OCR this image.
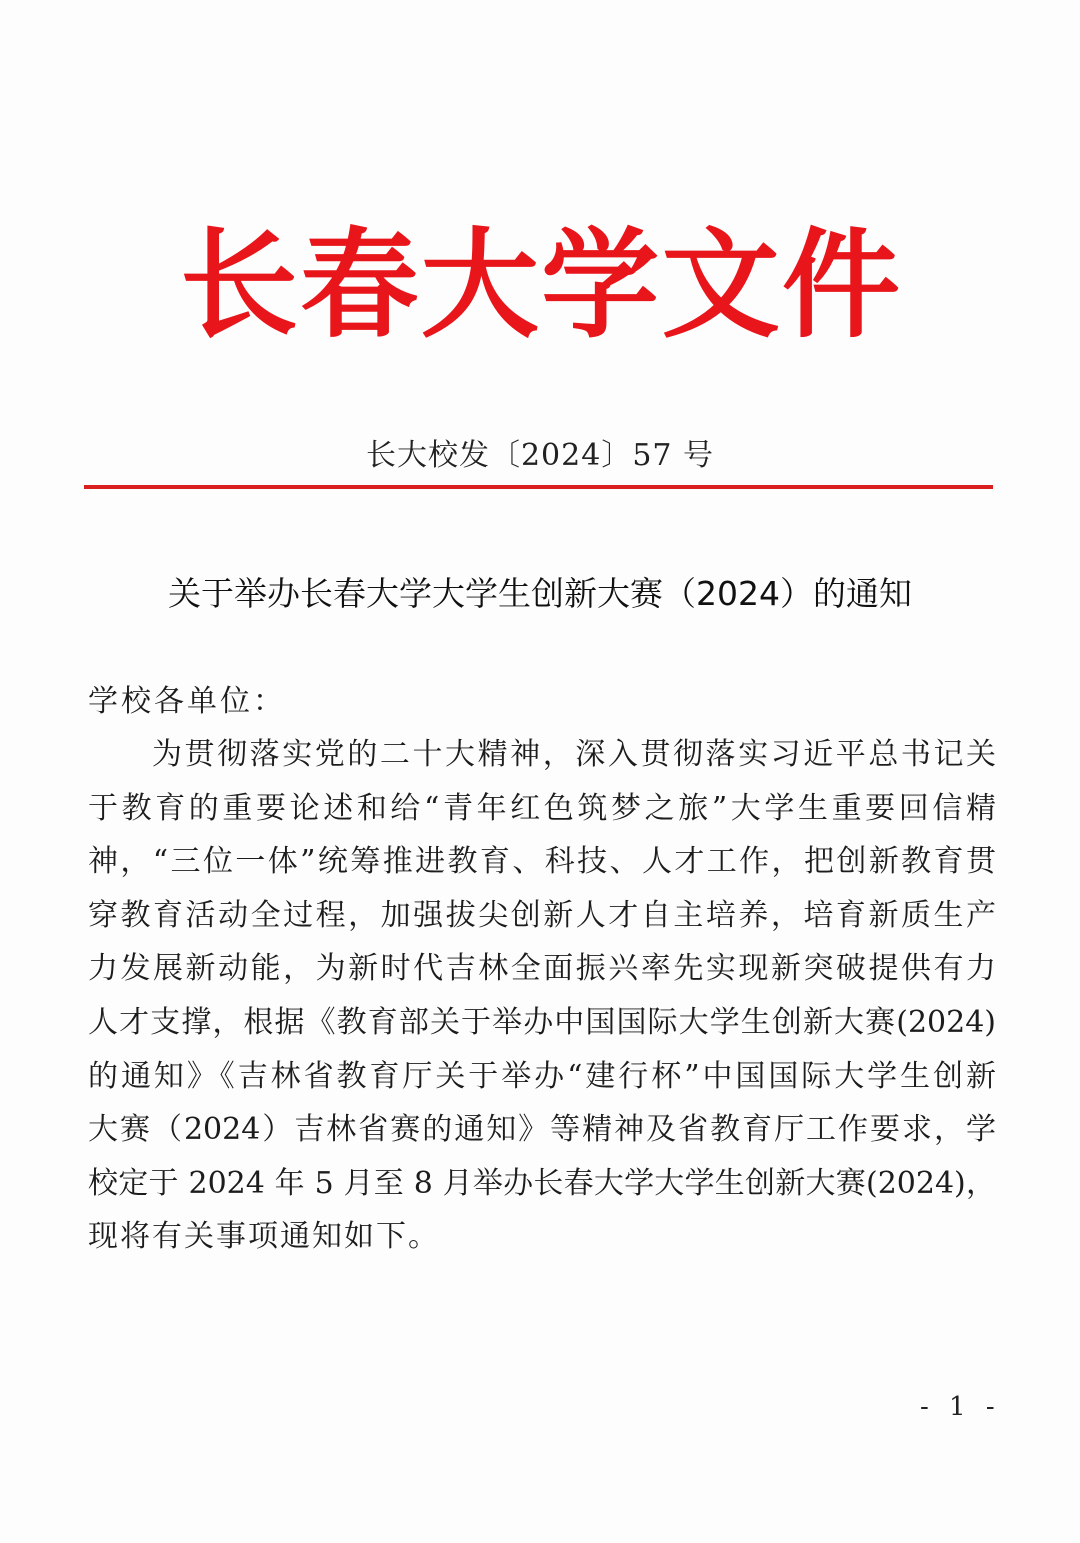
长 春 大 学 文 件
长大校发〔2024〕57 号
关于举办长春大学大学生创新大赛（2024）的通知
学校各单位：
为贯彻落实党的二十大精神，深入贯彻落实习近平总书记关
于教育的重要论述和给“青年红色筑梦之旅”大学生重要回信精
神，“三位一体”统筹推进教育、科技、人才工作，把创新教育贯
穿教育活动全过程，加强拔尖创新人才自主培养，培育新质生产
力发展新动能，为新时代吉林全面振兴率先实现新突破提供有力
人才支撑，根据《教育部关于举办中国国际大学生创新大赛(2024)
的通知》《吉林省教育厅关于举办“建行杯”中国国际大学生创新
大赛（2024）吉林省赛的通知》等精神及省教育厅工作要求，学
校定于 2024 年 5 月至 8 月举办长春大学大学生创新大赛(2024)，
现将有关事项通知如下。
- 1 -
